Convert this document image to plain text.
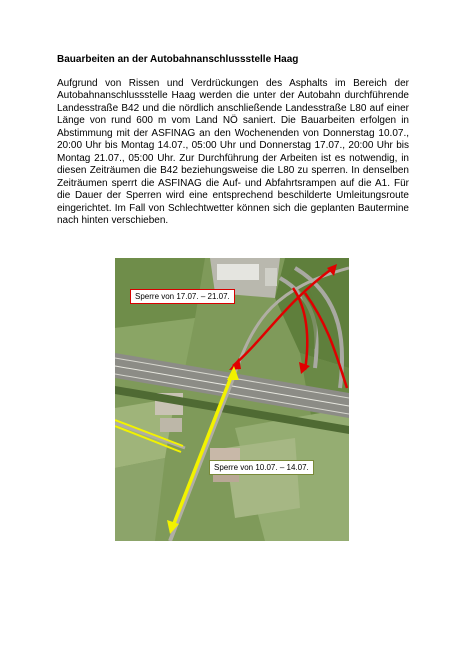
Bauarbeiten an der Autobahnanschlussstelle Haag
Aufgrund von Rissen und Verdrückungen des Asphalts im Bereich der Autobahnanschlussstelle Haag werden die unter der Autobahn durchführende Landesstraße B42 und die nördlich anschließende Landesstraße L80 auf einer Länge von rund 600 m vom Land NÖ saniert. Die Bauarbeiten erfolgen in Abstimmung mit der ASFINAG an den Wochenenden von Donnerstag 10.07., 20:00 Uhr bis Montag 14.07., 05:00 Uhr und Donnerstag 17.07., 20:00 Uhr bis Montag 21.07., 05:00 Uhr. Zur Durchführung der Arbeiten ist es notwendig, in diesen Zeiträumen die B42 beziehungsweise die L80 zu sperren. In denselben Zeiträumen sperrt die ASFINAG die Auf- und Abfahrtsrampen auf die A1. Für die Dauer der Sperren wird eine entsprechend beschilderte Umleitungsroute eingerichtet. Im Fall von Schlechtwetter können sich die geplanten Bautermine nach hinten verschieben.
Sperre von 17.07. – 21.07.
Sperre von 10.07. – 14.07.
